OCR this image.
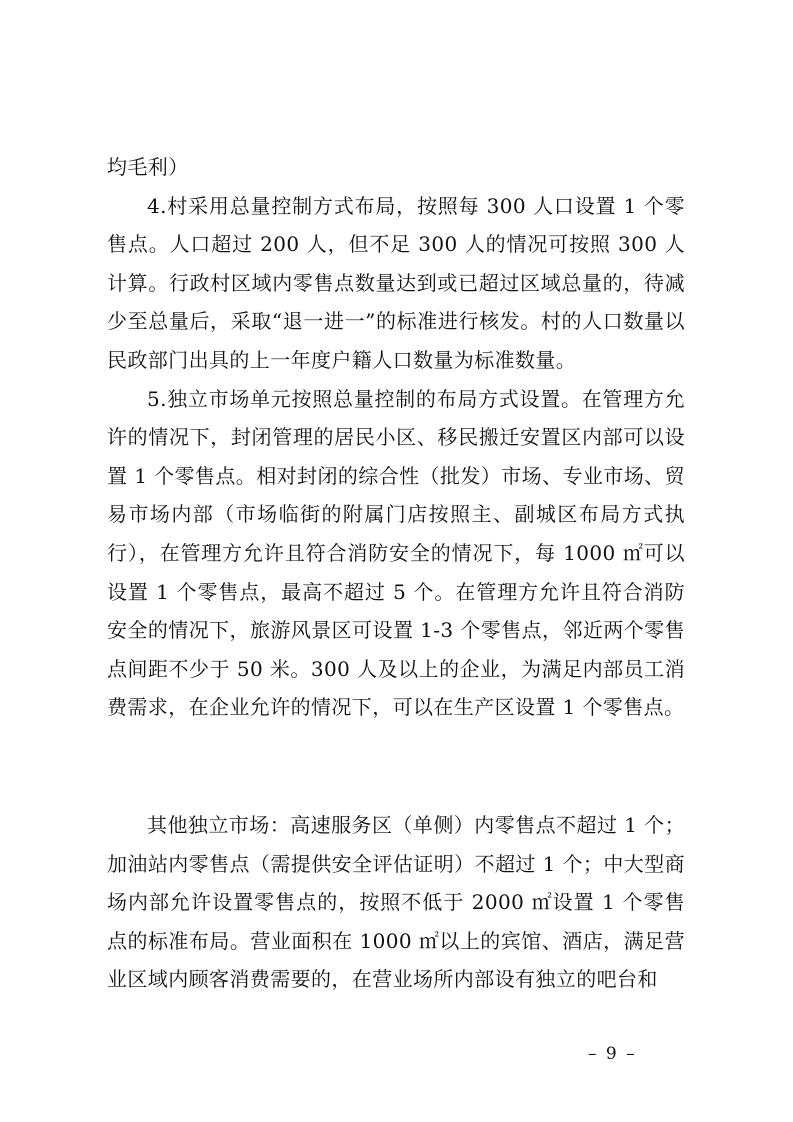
均毛利）

4.村采用总量控制方式布局，按照每 300 人口设置 1 个零售点。人口超过 200 人，但不足 300 人的情况可按照 300 人计算。行政村区域内零售点数量达到或已超过区域总量的，待减少至总量后，采取“退一进一”的标准进行核发。村的人口数量以民政部门出具的上一年度户籍人口数量为标准数量。

5.独立市场单元按照总量控制的布局方式设置。在管理方允许的情况下，封闭管理的居民小区、移民搬迁安置区内部可以设置 1 个零售点。相对封闭的综合性（批发）市场、专业市场、贸易市场内部（市场临街的附属门店按照主、副城区布局方式执行），在管理方允许且符合消防安全的情况下，每 1000 ㎡可以设置 1 个零售点，最高不超过 5 个。在管理方允许且符合消防安全的情况下，旅游风景区可设置 1-3 个零售点，邻近两个零售点间距不少于 50 米。300 人及以上的企业，为满足内部员工消费需求，在企业允许的情况下，可以在生产区设置 1 个零售点。

其他独立市场：高速服务区（单侧）内零售点不超过 1 个；加油站内零售点（需提供安全评估证明）不超过 1 个；中大型商场内部允许设置零售点的，按照不低于 2000 ㎡设置 1 个零售点的标准布局。营业面积在 1000 ㎡以上的宾馆、酒店，满足营业区域内顾客消费需要的，在营业场所内部设有独立的吧台和

– 9 –
